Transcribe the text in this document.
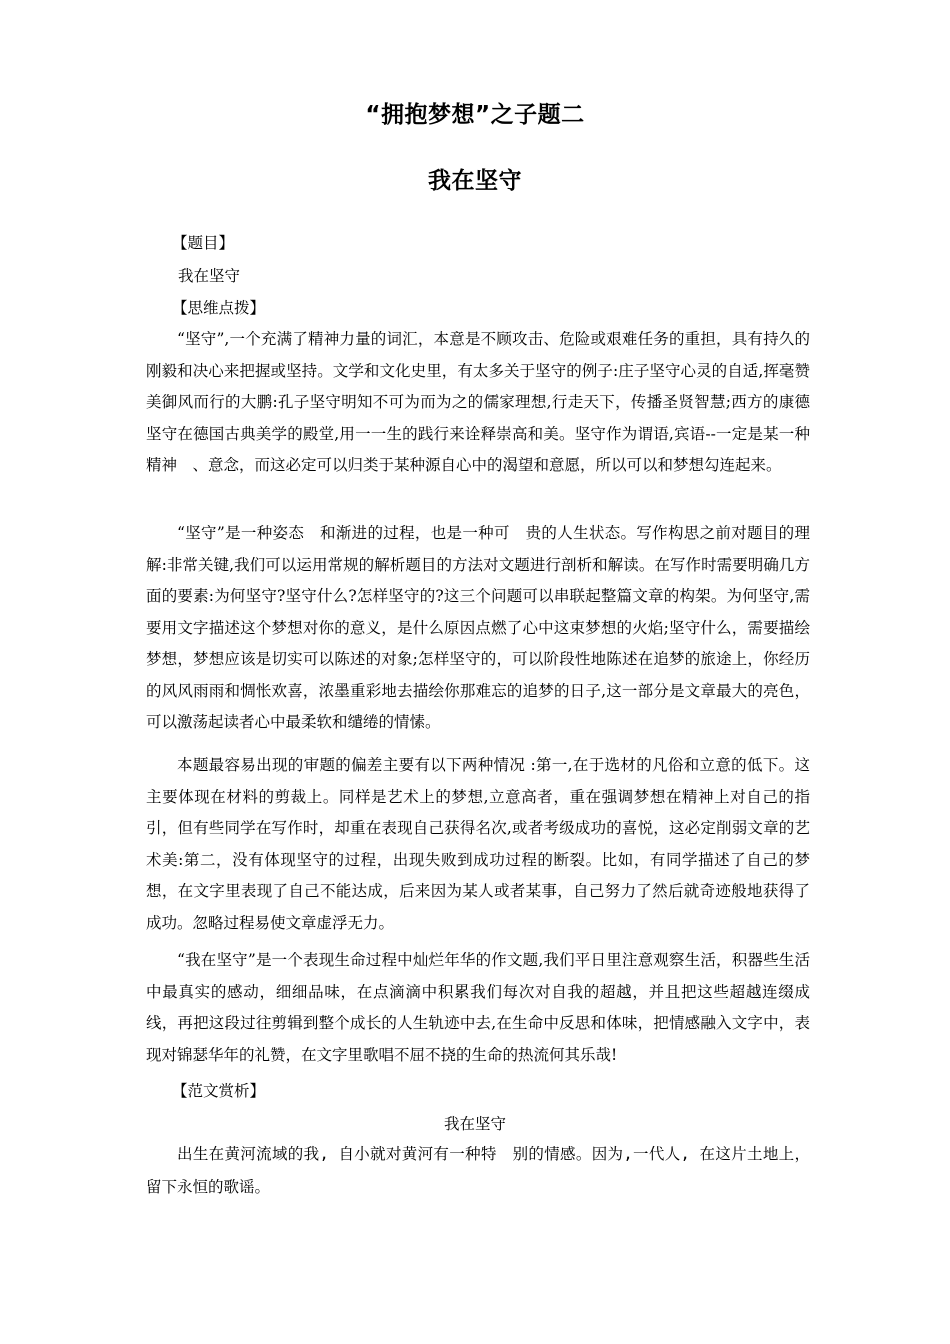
“拥抱梦想”之子题二
我在坚守
【题目】
我在坚守
【思维点拨】

“坚守”,一个充满了精神力量的词汇，本意是不顾攻击、危险或艰难任务的重担，具有持久的刚毅和决心来把握或坚持。文学和文化史里，有太多关于坚守的例子:庄子坚守心灵的自适,挥毫赞美御风而行的大鹏:孔子坚守明知不可为而为之的儒家理想,行走天下，传播圣贤智慧;西方的康德坚守在德国古典美学的殿堂,用一一生的践行来诠释崇高和美。坚守作为谓语,宾语--一定是某一种精神　、意念，而这必定可以归类于某种源自心中的渴望和意愿，所以可以和梦想勾连起来。

“坚守”是一种姿态　和渐进的过程，也是一种可　贵的人生状态。写作构思之前对题目的理解:非常关键,我们可以运用常规的解析题目的方法对文题进行剖析和解读。在写作时需要明确几方面的要素:为何坚守?坚守什么?怎样坚守的?这三个问题可以串联起整篇文章的构架。为何坚守,需要用文字描述这个梦想对你的意义，是什么原因点燃了心中这束梦想的火焰;坚守什么，需要描绘梦想，梦想应该是切实可以陈述的对象;怎样坚守的，可以阶段性地陈述在追梦的旅途上，你经历的风风雨雨和惆怅欢喜，浓墨重彩地去描绘你那难忘的追梦的日子,这一部分是文章最大的亮色，可以激荡起读者心中最柔软和缱绻的情愫。

本题最容易出现的审题的偏差主要有以下两种情况 :第一,在于选材的凡俗和立意的低下。这主要体现在材料的剪裁上。同样是艺术上的梦想,立意高者，重在强调梦想在精神上对自己的指引，但有些同学在写作时，却重在表现自己获得名次,或者考级成功的喜悦，这必定削弱文章的艺术美:第二，没有体现坚守的过程，出现失败到成功过程的断裂。比如，有同学描述了自己的梦想，在文字里表现了自己不能达成，后来因为某人或者某事，自己努力了然后就奇迹般地获得了成功。忽略过程易使文章虚浮无力。

“我在坚守”是一个表现生命过程中灿烂年华的作文题,我们平日里注意观察生活，积器些生活中最真实的感动，细细品味，在点滴滴中积累我们每次对自我的超越，并且把这些超越连缀成线，再把这段过往剪辑到整个成长的人生轨迹中去,在生命中反思和体味，把情感融入文字中，表现对锦瑟华年的礼赞，在文字里歌唱不屈不挠的生命的热流何其乐哉!

【范文赏析】
我在坚守

出生在黄河流域的我, 自小就对黄河有一种特　别的情感。因为,一代人, 在这片土地上，留下永恒的歌谣。
